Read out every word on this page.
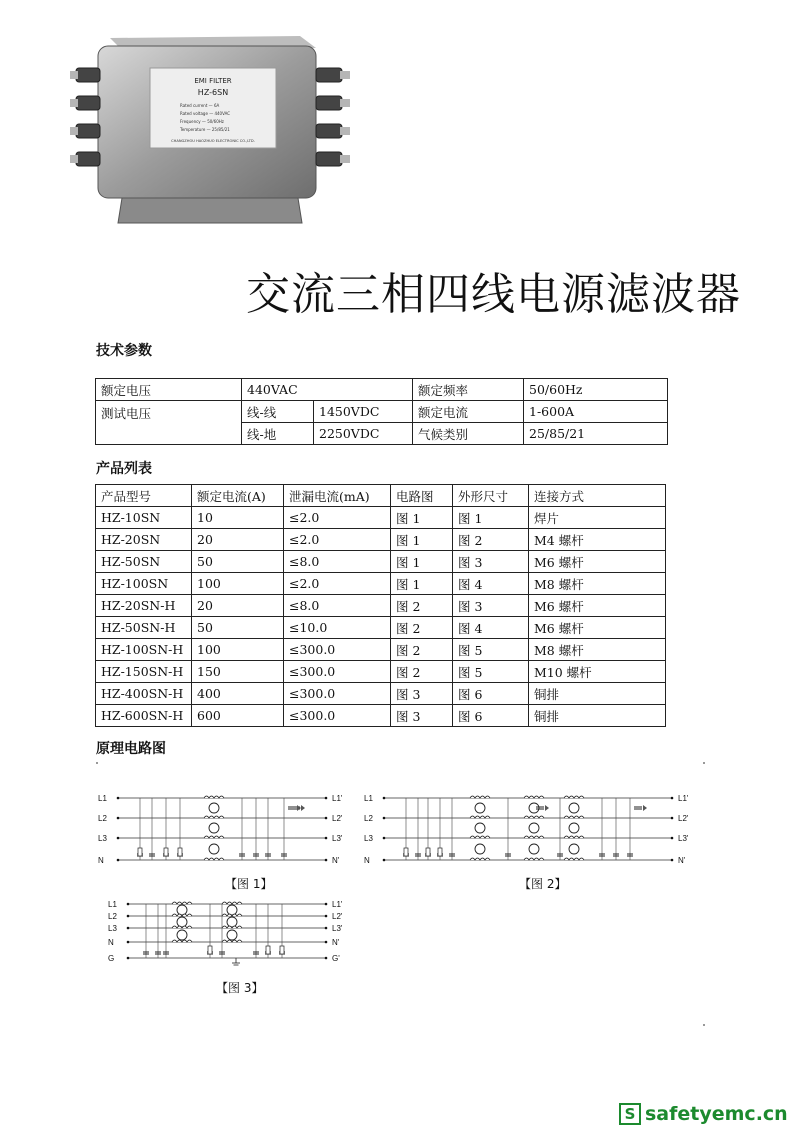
EMI FILTER
HZ-6SN
Rated current — 6A
Rated voltage — 440VAC
Frequency — 50/60Hz
Temperature — 25/85/21
CHANGZHOU HAOZHUO ELECTRONIC CO.,LTD.
交流三相四线电源滤波器
技术参数
额定电压	440VAC		额定频率	50/60Hz
测试电压	线-线	1450VDC	额定电流	1-600A
	线-地	2250VDC	气候类别	25/85/21
产品列表
产品型号	额定电流(A)	泄漏电流(mA)	电路图	外形尺寸	连接方式
HZ-10SN	10	≤2.0	图 1	图 1	焊片
HZ-20SN	20	≤2.0	图 1	图 2	M4 螺杆
HZ-50SN	50	≤8.0	图 1	图 3	M6 螺杆
HZ-100SN	100	≤2.0	图 1	图 4	M8 螺杆
HZ-20SN-H	20	≤8.0	图 2	图 3	M6 螺杆
HZ-50SN-H	50	≤10.0	图 2	图 4	M6 螺杆
HZ-100SN-H	100	≤300.0	图 2	图 5	M8 螺杆
HZ-150SN-H	150	≤300.0	图 2	图 5	M10 螺杆
HZ-400SN-H	400	≤300.0	图 3	图 6	铜排
HZ-600SN-H	600	≤300.0	图 3	图 6	铜排
原理电路图
L1	L1'
L2	L2'
L3	L3'
N	N'
L1	L1'
L2	L2'
L3	L3'
N	N'
L1	L1'
L2	L2'
L3	L3'
N	N'
G	G'
【图 1】	【图 2】
【图 3】
S safetyemc.cn
